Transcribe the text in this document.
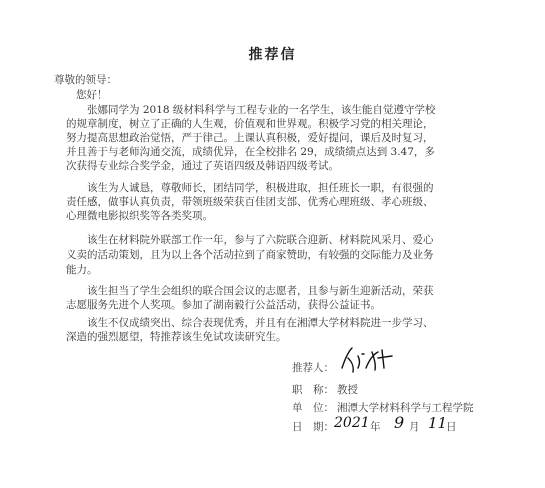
推荐信
尊敬的领导：
您好！
张娜同学为 2018 级材料科学与工程专业的一名学生，该生能自觉遵守学校
的规章制度，树立了正确的人生观，价值观和世界观。积极学习党的相关理论，
努力提高思想政治觉悟，严于律己。上课认真积极，爱好提问，课后及时复习，
并且善于与老师沟通交流，成绩优异，在全校排名 29，成绩绩点达到 3.47，多
次获得专业综合奖学金，通过了英语四级及韩语四级考试。
该生为人诚恳，尊敬师长，团结同学，积极进取，担任班长一职，有很强的
责任感，做事认真负责，带领班级荣获百佳团支部、优秀心理班级、孝心班级、
心理微电影拟织奖等各类奖项。
该生在材料院外联部工作一年，参与了六院联合迎新、材料院风采月、爱心
义卖的活动策划，且为以上各个活动拉到了商家赞助，有较强的交际能力及业务
能力。
该生担当了学生会组织的联合国会议的志愿者，且参与新生迎新活动，荣获
志愿服务先进个人奖项。参加了湖南毅行公益活动，获得公益证书。
该生不仅成绩突出、综合表现优秀，并且有在湘潭大学材料院进一步学习、
深造的强烈愿望，特推荐该生免试攻读研究生。
推荐人：
职　称： 教授
单　位： 湘潭大学材料科学与工程学院
日　期： 2021 年 9 月 11
日
